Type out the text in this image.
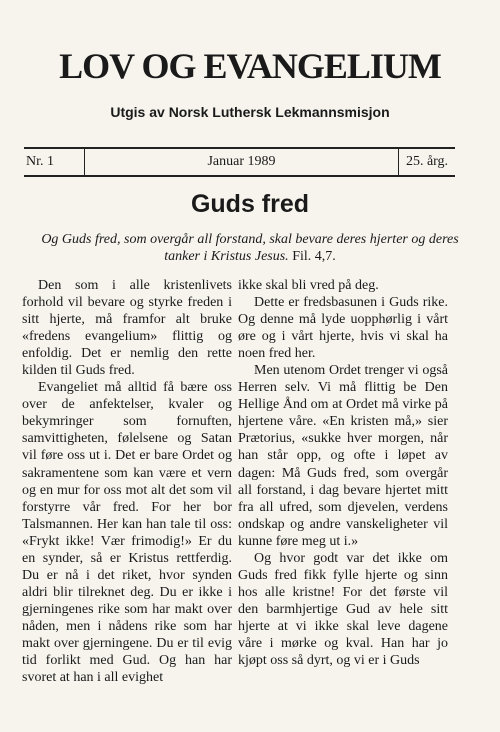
LOV OG EVANGELIUM
Utgis av Norsk Luthersk Lekmannsmisjon
Nr. 1	Januar 1989	25. årg.
Guds fred
Og Guds fred, som overgår all forstand, skal bevare deres hjerter og deres tanker i Kristus Jesus. Fil. 4,7.

Den som i alle kristenlivets forhold vil bevare og styrke freden i sitt hjerte, må framfor alt bruke «fredens evangelium» flittig og enfoldig. Det er nemlig den rette kilden til Guds fred.

Evangeliet må alltid få bære oss over de anfektelser, kvaler og bekymringer som fornuften, samvittigheten, følelsene og Satan vil føre oss ut i. Det er bare Ordet og sakramentene som kan være et vern og en mur for oss mot alt det som vil forstyrre vår fred. For her bor Talsmannen. Her kan han tale til oss: «Frykt ikke! Vær frimodig!» Er du en synder, så er Kristus rettferdig. Du er nå i det riket, hvor synden aldri blir tilreknet deg. Du er ikke i gjerningenes rike som har makt over nåden, men i nådens rike som har makt over gjerningene. Du er til evig tid forlikt med Gud. Og han har svoret at han i all evighet

ikke skal bli vred på deg.

Dette er fredsbasunen i Guds rike. Og denne må lyde uopphørlig i vårt øre og i vårt hjerte, hvis vi skal ha noen fred her.

Men utenom Ordet trenger vi også Herren selv. Vi må flittig be Den Hellige Ånd om at Ordet må virke på hjertene våre. «En kristen må,» sier Prætorius, «sukke hver morgen, når han står opp, og ofte i løpet av dagen: Må Guds fred, som overgår all forstand, i dag bevare hjertet mitt fra all ufred, som djevelen, verdens ondskap og andre vanskeligheter vil kunne føre meg ut i.»

Og hvor godt var det ikke om Guds fred fikk fylle hjerte og sinn hos alle kristne! For det første vil den barmhjertige Gud av hele sitt hjerte at vi ikke skal leve dagene våre i mørke og kval. Han har jo kjøpt oss så dyrt, og vi er i Guds
